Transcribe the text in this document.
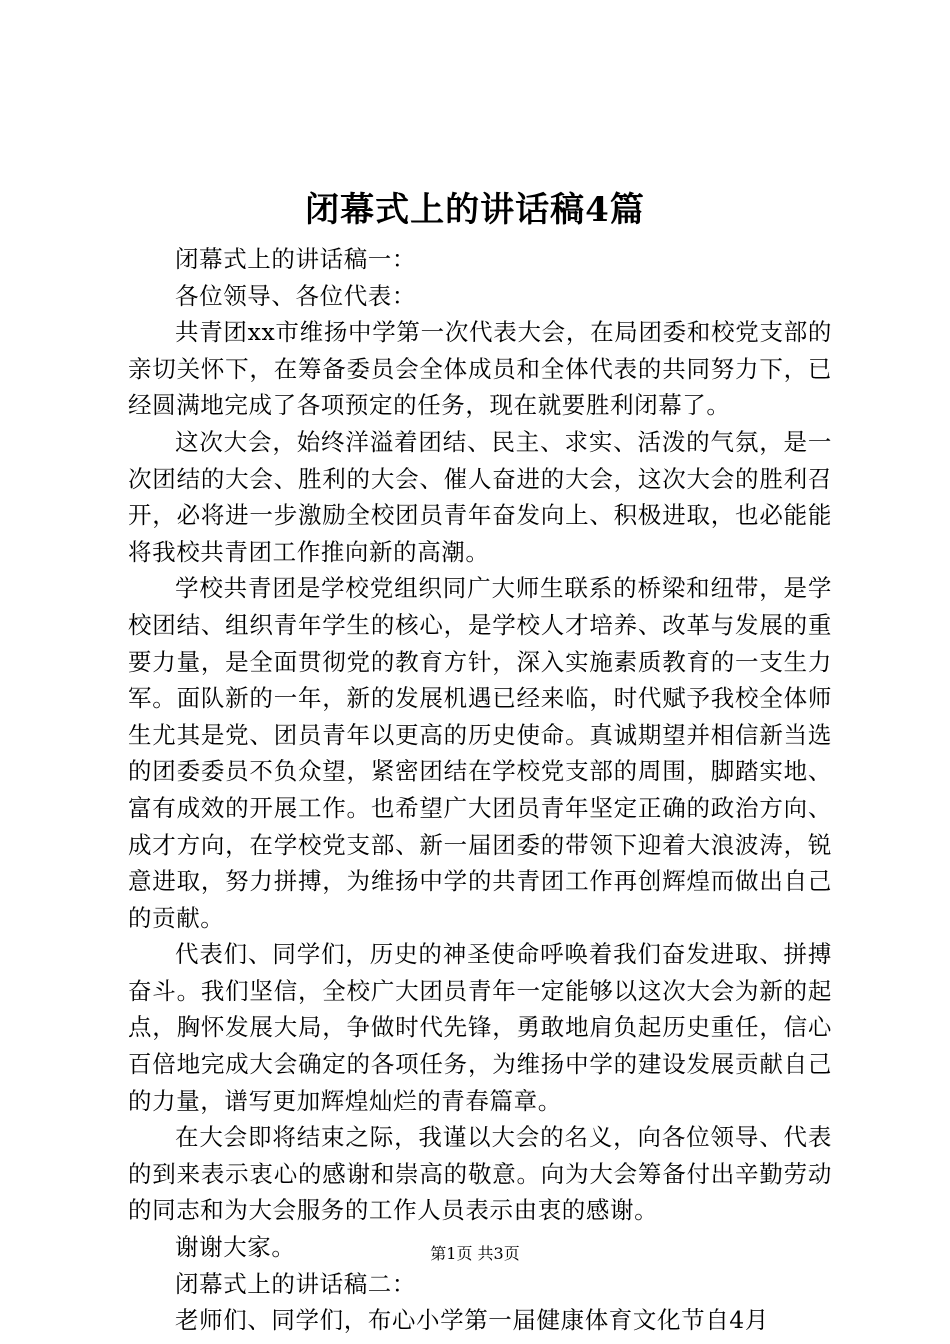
闭幕式上的讲话稿4篇

闭幕式上的讲话稿一：

各位领导、各位代表：

共青团xx市维扬中学第一次代表大会，在局团委和校党支部的亲切关怀下，在筹备委员会全体成员和全体代表的共同努力下，已经圆满地完成了各项预定的任务，现在就要胜利闭幕了。

这次大会，始终洋溢着团结、民主、求实、活泼的气氛，是一次团结的大会、胜利的大会、催人奋进的大会，这次大会的胜利召开，必将进一步激励全校团员青年奋发向上、积极进取，也必能能将我校共青团工作推向新的高潮。

学校共青团是学校党组织同广大师生联系的桥梁和纽带，是学校团结、组织青年学生的核心，是学校人才培养、改革与发展的重要力量，是全面贯彻党的教育方针，深入实施素质教育的一支生力军。面队新的一年，新的发展机遇已经来临，时代赋予我校全体师生尤其是党、团员青年以更高的历史使命。真诚期望并相信新当选的团委委员不负众望，紧密团结在学校党支部的周围，脚踏实地、富有成效的开展工作。也希望广大团员青年坚定正确的政治方向、成才方向，在学校党支部、新一届团委的带领下迎着大浪波涛，锐意进取，努力拼搏，为维扬中学的共青团工作再创辉煌而做出自己的贡献。

代表们、同学们，历史的神圣使命呼唤着我们奋发进取、拼搏奋斗。我们坚信，全校广大团员青年一定能够以这次大会为新的起点，胸怀发展大局，争做时代先锋，勇敢地肩负起历史重任，信心百倍地完成大会确定的各项任务，为维扬中学的建设发展贡献自己的力量，谱写更加辉煌灿烂的青春篇章。

在大会即将结束之际，我谨以大会的名义，向各位领导、代表的到来表示衷心的感谢和崇高的敬意。向为大会筹备付出辛勤劳动的同志和为大会服务的工作人员表示由衷的感谢。

谢谢大家。

闭幕式上的讲话稿二：

老师们、同学们，布心小学第一届健康体育文化节自4月

第1页 共3页
